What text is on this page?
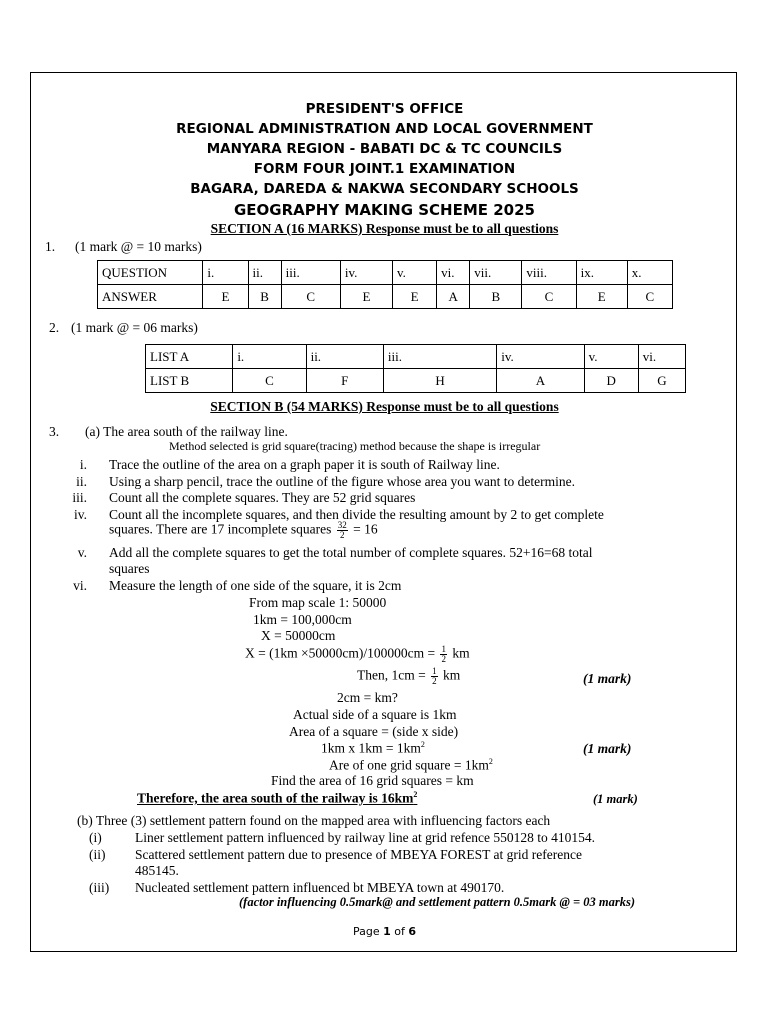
PRESIDENT'S OFFICE
REGIONAL ADMINISTRATION AND LOCAL GOVERNMENT
MANYARA REGION - BABATI DC & TC COUNCILS
FORM FOUR JOINT.1 EXAMINATION
BAGARA, DAREDA & NAKWA SECONDARY SCHOOLS
GEOGRAPHY MAKING SCHEME 2025
SECTION A (16 MARKS) Response must be to all questions
1. (1 mark @ = 10 marks)
QUESTION	i.	ii.	iii.	iv.	v.	vi.	vii.	viii.	ix.	x.
ANSWER	E	B	C	E	E	A	B	C	E	C
2. (1 mark @ = 06 marks)
LIST A	i.	ii.	iii.	iv.	v.	vi.
LIST B	C	F	H	A	D	G
SECTION B (54 MARKS) Response must be to all questions
3. (a) The area south of the railway line.
Method selected is grid square(tracing) method because the shape is irregular
i. Trace the outline of the area on a graph paper it is south of Railway line.
ii. Using a sharp pencil, trace the outline of the figure whose area you want to determine.
iii. Count all the complete squares. They are 52 grid squares
iv. Count all the incomplete squares, and then divide the resulting amount by 2 to get complete
squares. There are 17 incomplete squares $\frac{32}{2} = 16$
v. Add all the complete squares to get the total number of complete squares. 52+16=68 total
squares
vi. Measure the length of one side of the square, it is 2cm
From map scale 1: 50000
1km = 100,000cm
X = 50000cm
$X = (1km \times 50000cm)/100000cm = \frac{1}{2}$ km
Then, $1cm = \frac{1}{2}$ km	(1 mark)
2cm = km?
Actual side of a square is 1km
Area of a square = (side x side)
1km x $1km = 1km^2$	(1 mark)
Are of one grid square = $1km^2$
Find the area of 16 grid squares = km
Therefore, the area south of the railway is $16km^2$	(1 mark)
(b) Three (3) settlement pattern found on the mapped area with influencing factors each
(i) Liner settlement pattern influenced by railway line at grid refence 550128 to 410154.
(ii) Scattered settlement pattern due to presence of MBEYA FOREST at grid reference
485145.
(iii) Nucleated settlement pattern influenced bt MBEYA town at 490170.
(factor influencing 0.5mark@ and settlement pattern 0.5mark @ = 03 marks)
Page 1 of 6
